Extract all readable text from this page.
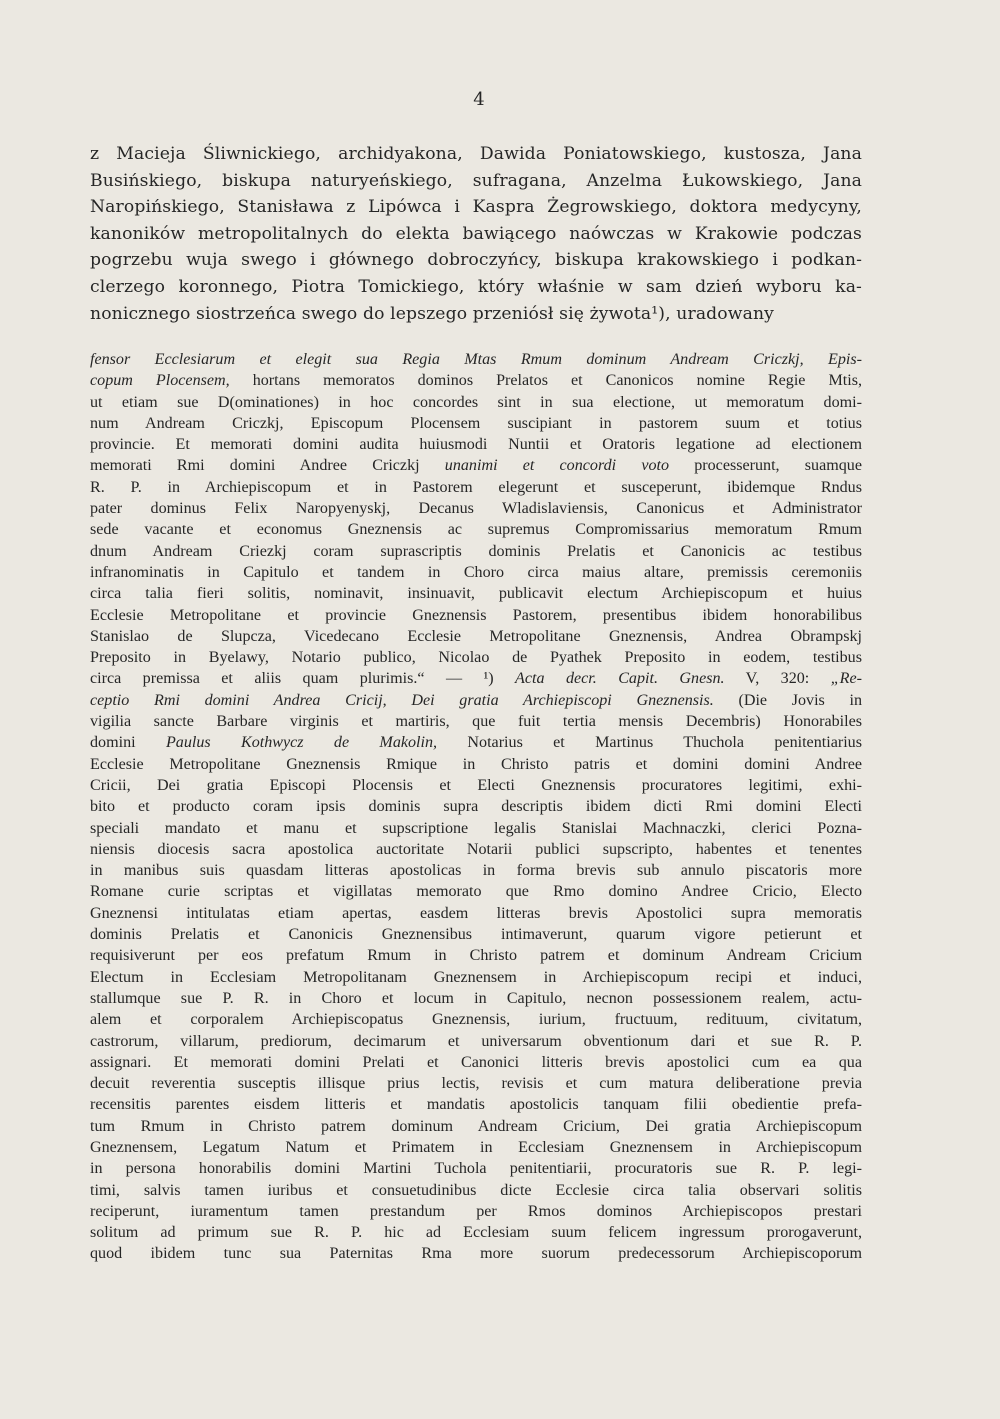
4
z Macieja Śliwnickiego, archidyakona, Dawida Poniatowskiego, kustosza, Jana
Busińskiego, biskupa naturyeńskiego, sufragana, Anzelma Łukowskiego, Jana
Naropińskiego, Stanisława z Lipówca i Kaspra Żegrowskiego, doktora medycyny,
kanoników metropolitalnych do elekta bawiącego naówczas w Krakowie podczas
pogrzebu wuja swego i głównego dobroczyńcy, biskupa krakowskiego i podkan-
clerzego koronnego, Piotra Tomickiego, który właśnie w sam dzień wyboru ka-
nonicznego siostrzeńca swego do lepszego przeniósł się żywota¹), uradowany
fensor Ecclesiarum et elegit sua Regia Mtas Rmum dominum Andream Criczkj, Epis-
copum Plocensem, hortans memoratos dominos Prelatos et Canonicos nomine Regie Mtis,
ut etiam sue D(ominationes) in hoc concordes sint in sua electione, ut memoratum domi-
num Andream Criczkj, Episcopum Plocensem suscipiant in pastorem suum et totius
provincie. Et memorati domini audita huiusmodi Nuntii et Oratoris legatione ad electionem
memorati Rmi domini Andree Criczkj unanimi et concordi voto processerunt, suamque
R. P. in Archiepiscopum et in Pastorem elegerunt et susceperunt, ibidemque Rndus
pater dominus Felix Naropyenyskj, Decanus Wladislaviensis, Canonicus et Administrator
sede vacante et economus Gneznensis ac supremus Compromissarius memoratum Rmum
dnum Andream Criezkj coram suprascriptis dominis Prelatis et Canonicis ac testibus
infranominatis in Capitulo et tandem in Choro circa maius altare, premissis ceremoniis
circa talia fieri solitis, nominavit, insinuavit, publicavit electum Archiepiscopum et huius
Ecclesie Metropolitane et provincie Gneznensis Pastorem, presentibus ibidem honorabilibus
Stanislao de Slupcza, Vicedecano Ecclesie Metropolitane Gneznensis, Andrea Obrampskj
Preposito in Byelawy, Notario publico, Nicolao de Pyathek Preposito in eodem, testibus
circa premissa et aliis quam plurimis.“ — ¹) Acta decr. Capit. Gnesn. V, 320: „Re-
ceptio Rmi domini Andrea Cricij, Dei gratia Archiepiscopi Gneznensis. (Die Jovis in
vigilia sancte Barbare virginis et martiris, que fuit tertia mensis Decembris) Honorabiles
domini Paulus Kothwycz de Makolin, Notarius et Martinus Thuchola penitentiarius
Ecclesie Metropolitane Gneznensis Rmique in Christo patris et domini domini Andree
Cricii, Dei gratia Episcopi Plocensis et Electi Gneznensis procuratores legitimi, exhi-
bito et producto coram ipsis dominis supra descriptis ibidem dicti Rmi domini Electi
speciali mandato et manu et supscriptione legalis Stanislai Machnaczki, clerici Pozna-
niensis diocesis sacra apostolica auctoritate Notarii publici supscripto, habentes et tenentes
in manibus suis quasdam litteras apostolicas in forma brevis sub annulo piscatoris more
Romane curie scriptas et vigillatas memorato que Rmo domino Andree Cricio, Electo
Gneznensi intitulatas etiam apertas, easdem litteras brevis Apostolici supra memoratis
dominis Prelatis et Canonicis Gneznensibus intimaverunt, quarum vigore petierunt et
requisiverunt per eos prefatum Rmum in Christo patrem et dominum Andream Cricium
Electum in Ecclesiam Metropolitanam Gneznensem in Archiepiscopum recipi et induci,
stallumque sue P. R. in Choro et locum in Capitulo, necnon possessionem realem, actu-
alem et corporalem Archiepiscopatus Gneznensis, iurium, fructuum, redituum, civitatum,
castrorum, villarum, prediorum, decimarum et universarum obventionum dari et sue R. P.
assignari. Et memorati domini Prelati et Canonici litteris brevis apostolici cum ea qua
decuit reverentia susceptis illisque prius lectis, revisis et cum matura deliberatione previa
recensitis parentes eisdem litteris et mandatis apostolicis tanquam filii obedientie prefa-
tum Rmum in Christo patrem dominum Andream Cricium, Dei gratia Archiepiscopum
Gneznensem, Legatum Natum et Primatem in Ecclesiam Gneznensem in Archiepiscopum
in persona honorabilis domini Martini Tuchola penitentiarii, procuratoris sue R. P. legi-
timi, salvis tamen iuribus et consuetudinibus dicte Ecclesie circa talia observari solitis
reciperunt, iuramentum tamen prestandum per Rmos dominos Archiepiscopos prestari
solitum ad primum sue R. P. hic ad Ecclesiam suum felicem ingressum prorogaverunt,
quod ibidem tunc sua Paternitas Rma more suorum predecessorum Archiepiscoporum
